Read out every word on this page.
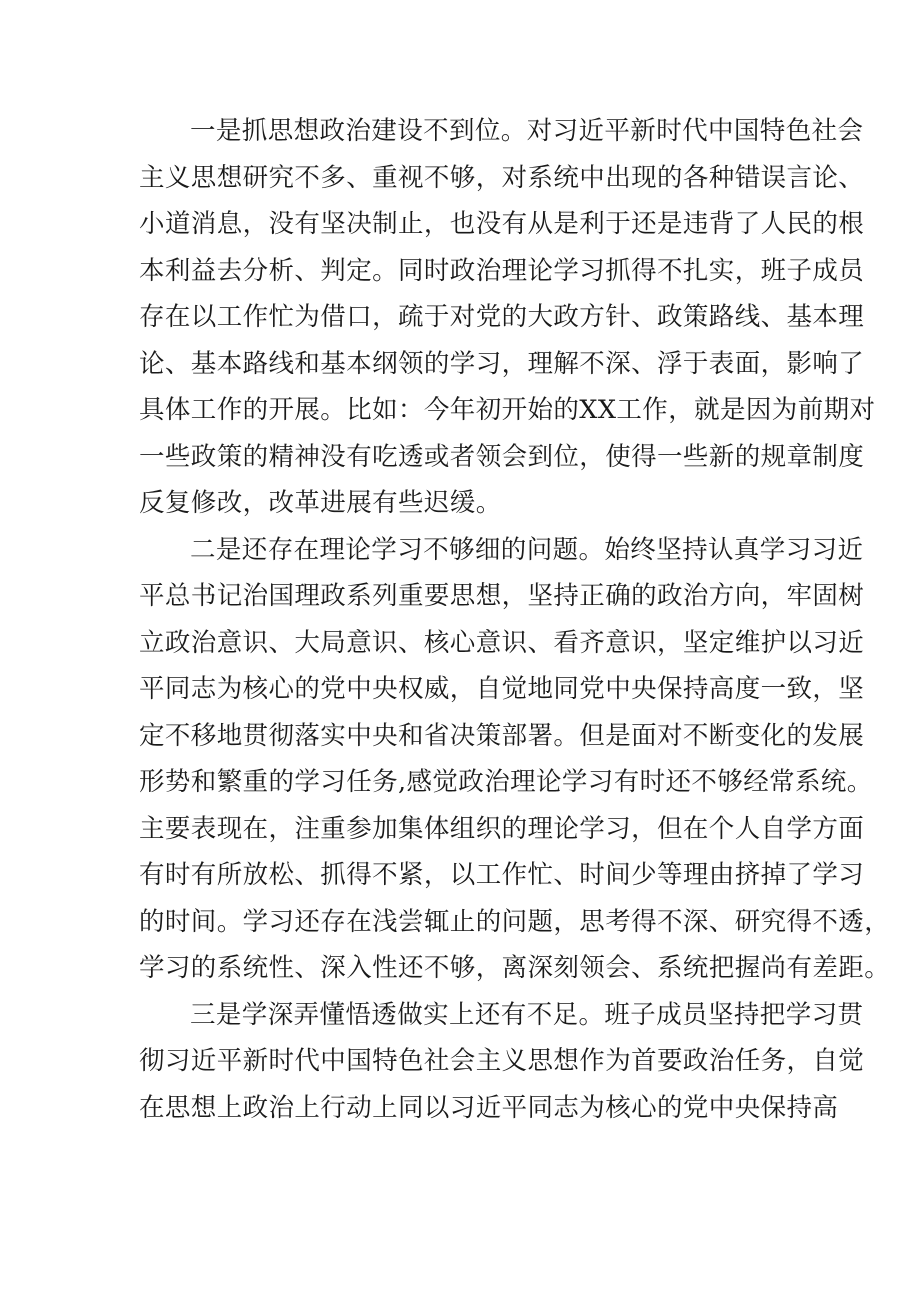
一是抓思想政治建设不到位。对习近平新时代中国特色社会
主义思想研究不多、重视不够，对系统中出现的各种错误言论、
小道消息，没有坚决制止，也没有从是利于还是违背了人民的根
本利益去分析、判定。同时政治理论学习抓得不扎实，班子成员
存在以工作忙为借口，疏于对党的大政方针、政策路线、基本理
论、基本路线和基本纲领的学习，理解不深、浮于表面，影响了
具体工作的开展。比如：今年初开始的XX工作，就是因为前期对
一些政策的精神没有吃透或者领会到位，使得一些新的规章制度
反复修改，改革进展有些迟缓。
二是还存在理论学习不够细的问题。始终坚持认真学习习近
平总书记治国理政系列重要思想，坚持正确的政治方向，牢固树
立政治意识、大局意识、核心意识、看齐意识，坚定维护以习近
平同志为核心的党中央权威，自觉地同党中央保持高度一致，坚
定不移地贯彻落实中央和省决策部署。但是面对不断变化的发展
形势和繁重的学习任务,感觉政治理论学习有时还不够经常系统。
主要表现在，注重参加集体组织的理论学习，但在个人自学方面
有时有所放松、抓得不紧，以工作忙、时间少等理由挤掉了学习
的时间。学习还存在浅尝辄止的问题，思考得不深、研究得不透，
学习的系统性、深入性还不够，离深刻领会、系统把握尚有差距。
三是学深弄懂悟透做实上还有不足。班子成员坚持把学习贯
彻习近平新时代中国特色社会主义思想作为首要政治任务，自觉
在思想上政治上行动上同以习近平同志为核心的党中央保持高
